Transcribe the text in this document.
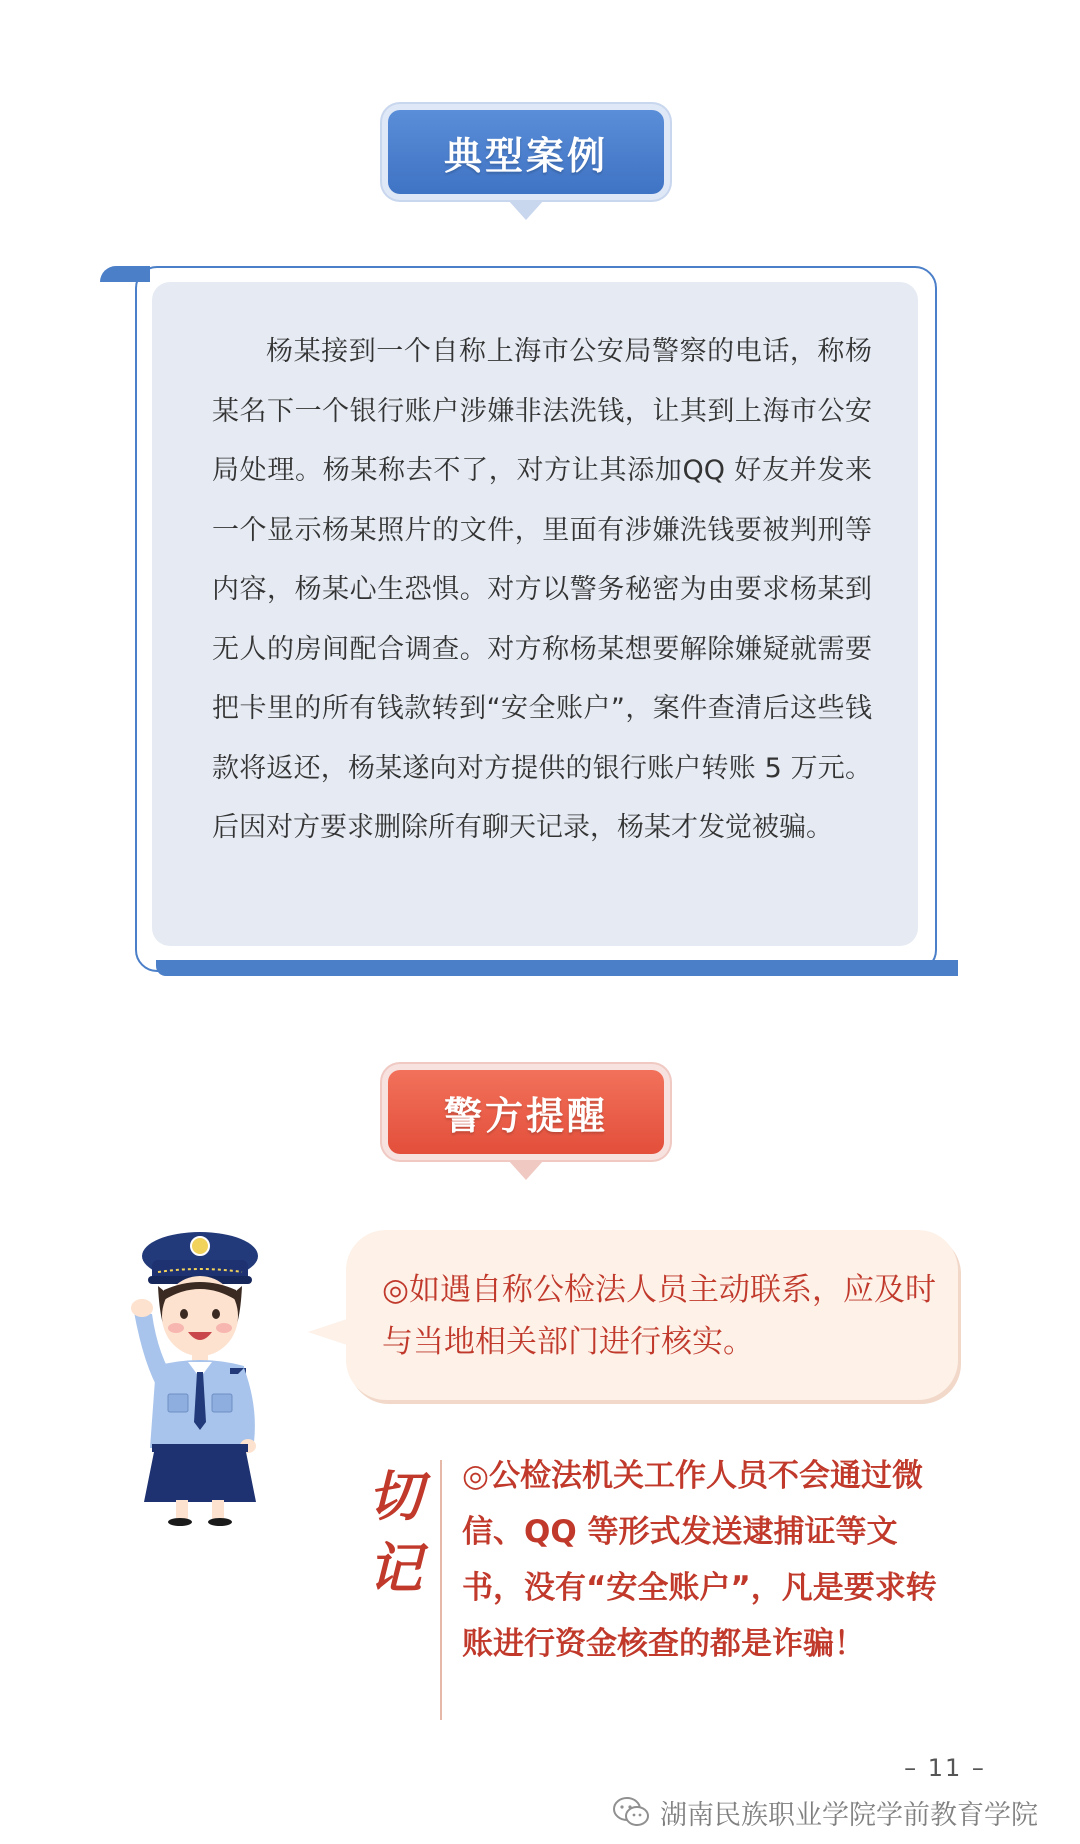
典型案例
杨某接到一个自称上海市公安局警察的电话，称杨某名下一个银行账户涉嫌非法洗钱，让其到上海市公安局处理。杨某称去不了，对方让其添加QQ 好友并发来一个显示杨某照片的文件，里面有涉嫌洗钱要被判刑等内容，杨某心生恐惧。对方以警务秘密为由要求杨某到无人的房间配合调查。对方称杨某想要解除嫌疑就需要把卡里的所有钱款转到“安全账户”，案件查清后这些钱款将返还，杨某遂向对方提供的银行账户转账 5 万元。后因对方要求删除所有聊天记录，杨某才发觉被骗。
警方提醒
◎如遇自称公检法人员主动联系，应及时与当地相关部门进行核实。
切记
◎公检法机关工作人员不会通过微信、QQ 等形式发送逮捕证等文书，没有“安全账户”，凡是要求转账进行资金核查的都是诈骗！
– 11 –
湖南民族职业学院学前教育学院
